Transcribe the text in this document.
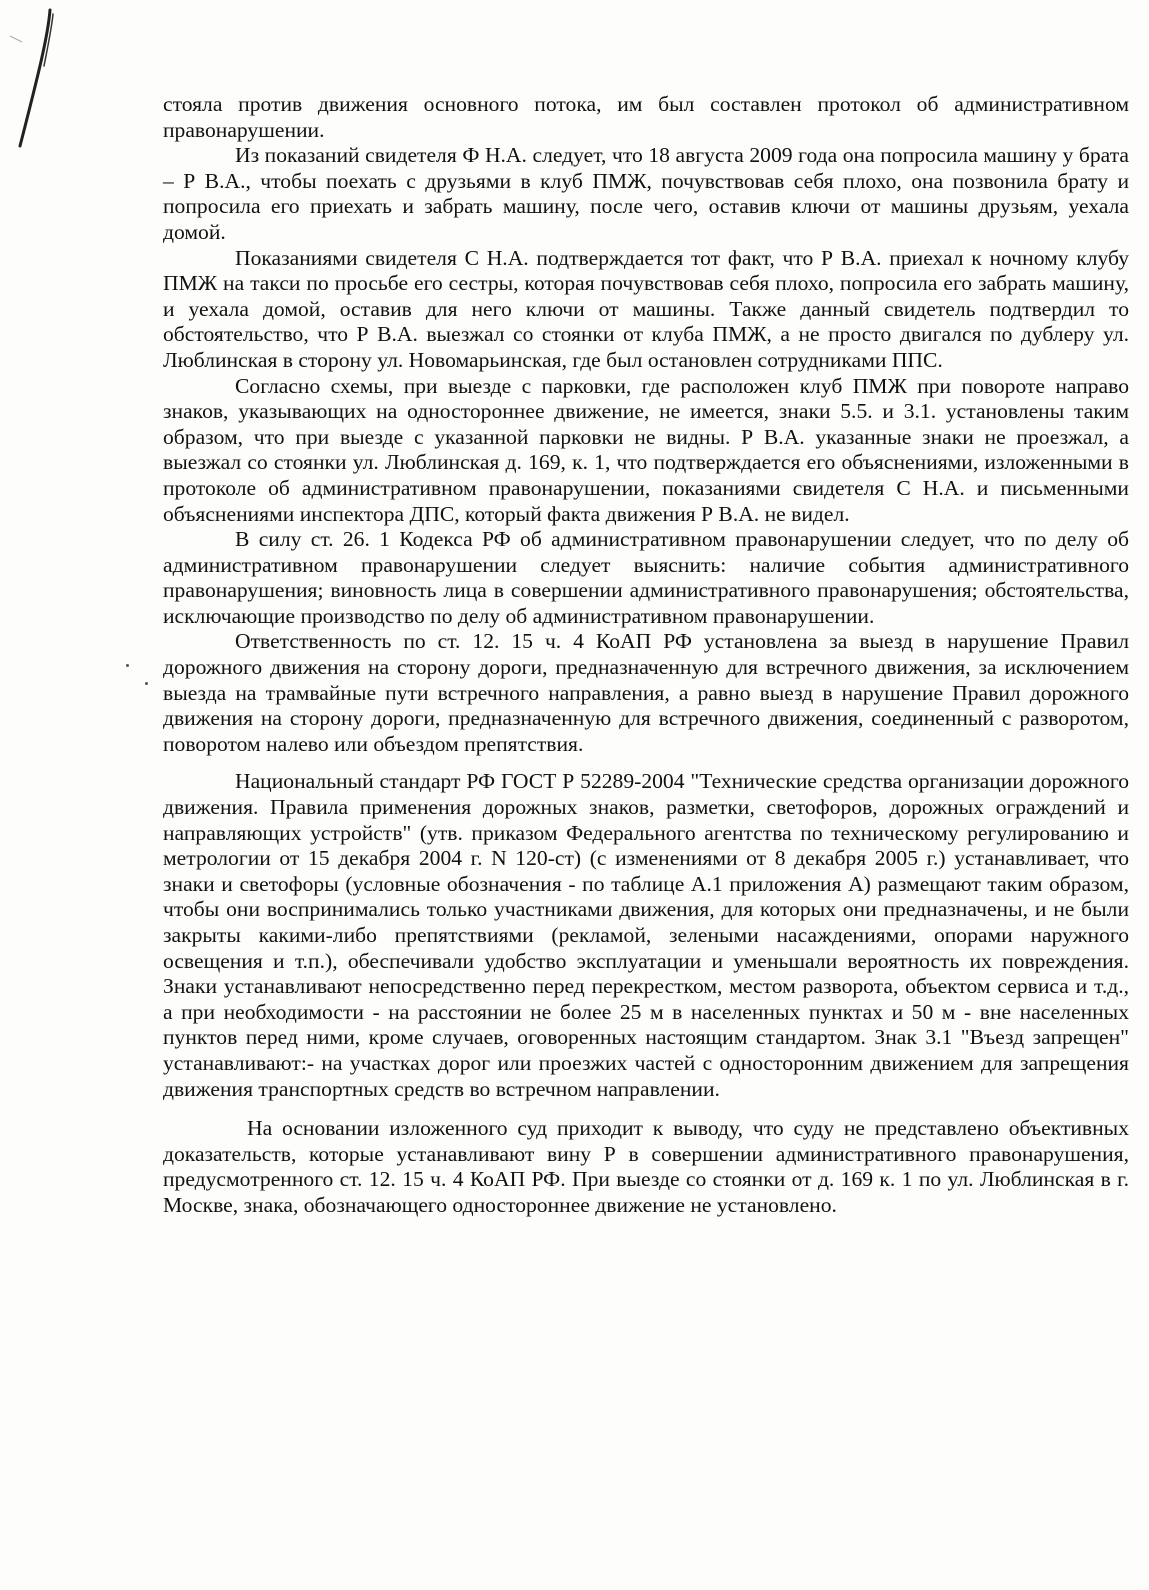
стояла против движения основного потока, им был составлен протокол об административном правонарушении.

Из показаний свидетеля Ф Н.А. следует, что 18 августа 2009 года она попросила машину у брата – Р В.А., чтобы поехать с друзьями в клуб ПМЖ, почувствовав себя плохо, она позвонила брату и попросила его приехать и забрать машину, после чего, оставив ключи от машины друзьям, уехала домой.

Показаниями свидетеля С Н.А. подтверждается тот факт, что Р В.А. приехал к ночному клубу ПМЖ на такси по просьбе его сестры, которая почувствовав себя плохо, попросила его забрать машину, и уехала домой, оставив для него ключи от машины. Также данный свидетель подтвердил то обстоятельство, что Р В.А. выезжал со стоянки от клуба ПМЖ, а не просто двигался по дублеру ул. Люблинская в сторону ул. Новомарьинская, где был остановлен сотрудниками ППС.

Согласно схемы, при выезде с парковки, где расположен клуб ПМЖ при повороте направо знаков, указывающих на одностороннее движение, не имеется, знаки 5.5. и 3.1. установлены таким образом, что при выезде с указанной парковки не видны. Р В.А. указанные знаки не проезжал, а выезжал со стоянки ул. Люблинская д. 169, к. 1, что подтверждается его объяснениями, изложенными в протоколе об административном правонарушении, показаниями свидетеля С Н.А. и письменными объяснениями инспектора ДПС, который факта движения Р В.А. не видел.

В силу ст. 26. 1 Кодекса РФ об административном правонарушении следует, что по делу об административном правонарушении следует выяснить: наличие события административного правонарушения; виновность лица в совершении административного правонарушения; обстоятельства, исключающие производство по делу об административном правонарушении.

Ответственность по ст. 12. 15 ч. 4 КоАП РФ установлена за выезд в нарушение Правил дорожного движения на сторону дороги, предназначенную для встречного движения, за исключением выезда на трамвайные пути встречного направления, а равно выезд в нарушение Правил дорожного движения на сторону дороги, предназначенную для встречного движения, соединенный с разворотом, поворотом налево или объездом препятствия.

Национальный стандарт РФ ГОСТ Р 52289-2004 "Технические средства организации дорожного движения. Правила применения дорожных знаков, разметки, светофоров, дорожных ограждений и направляющих устройств" (утв. приказом Федерального агентства по техническому регулированию и метрологии от 15 декабря 2004 г. N 120-ст) (с изменениями от 8 декабря 2005 г.) устанавливает, что знаки и светофоры (условные обозначения - по таблице А.1 приложения А) размещают таким образом, чтобы они воспринимались только участниками движения, для которых они предназначены, и не были закрыты какими-либо препятствиями (рекламой, зелеными насаждениями, опорами наружного освещения и т.п.), обеспечивали удобство эксплуатации и уменьшали вероятность их повреждения. Знаки устанавливают непосредственно перед перекрестком, местом разворота, объектом сервиса и т.д., а при необходимости - на расстоянии не более 25 м в населенных пунктах и 50 м - вне населенных пунктов перед ними, кроме случаев, оговоренных настоящим стандартом. Знак 3.1 "Въезд запрещен" устанавливают:- на участках дорог или проезжих частей с односторонним движением для запрещения движения транспортных средств во встречном направлении.

На основании изложенного суд приходит к выводу, что суду не представлено объективных доказательств, которые устанавливают вину Р в совершении административного правонарушения, предусмотренного ст. 12. 15 ч. 4 КоАП РФ. При выезде со стоянки от д. 169 к. 1 по ул. Люблинская в г. Москве, знака, обозначающего одностороннее движение не установлено.
